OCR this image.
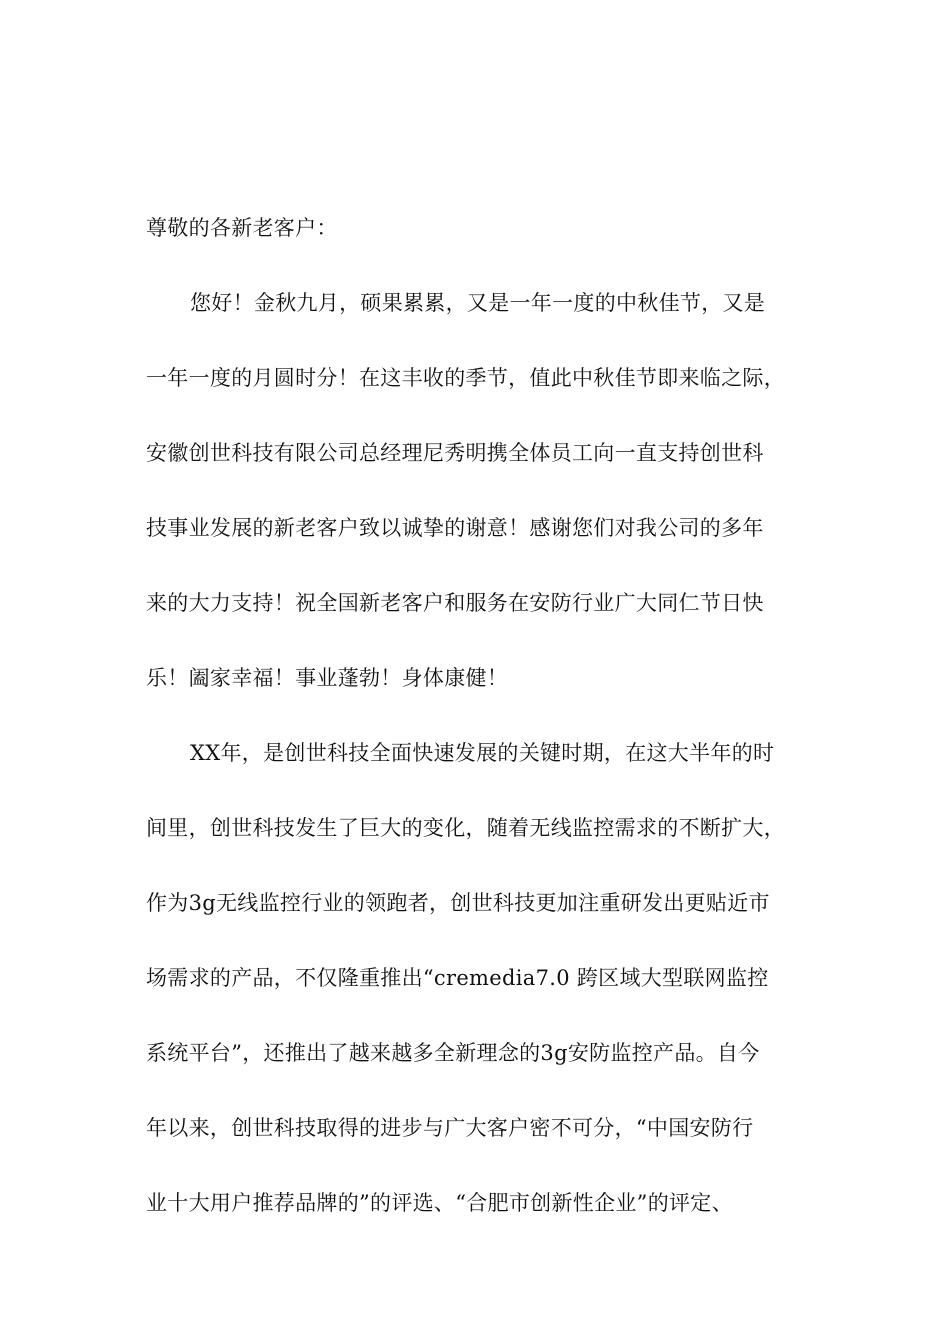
尊敬的各新老客户：
您好！金秋九月，硕果累累，又是一年一度的中秋佳节，又是
一年一度的月圆时分！在这丰收的季节，值此中秋佳节即来临之际，
安徽创世科技有限公司总经理尼秀明携全体员工向一直支持创世科
技事业发展的新老客户致以诚挚的谢意！感谢您们对我公司的多年
来的大力支持！祝全国新老客户和服务在安防行业广大同仁节日快
乐！阖家幸福！事业蓬勃！身体康健！
XX年，是创世科技全面快速发展的关键时期，在这大半年的时
间里，创世科技发生了巨大的变化，随着无线监控需求的不断扩大，
作为3g无线监控行业的领跑者，创世科技更加注重研发出更贴近市
场需求的产品，不仅隆重推出“cremedia7.0 跨区域大型联网监控
系统平台”，还推出了越来越多全新理念的3g安防监控产品。自今
年以来，创世科技取得的进步与广大客户密不可分，“中国安防行
业十大用户推荐品牌的”的评选、“合肥市创新性企业”的评定、
